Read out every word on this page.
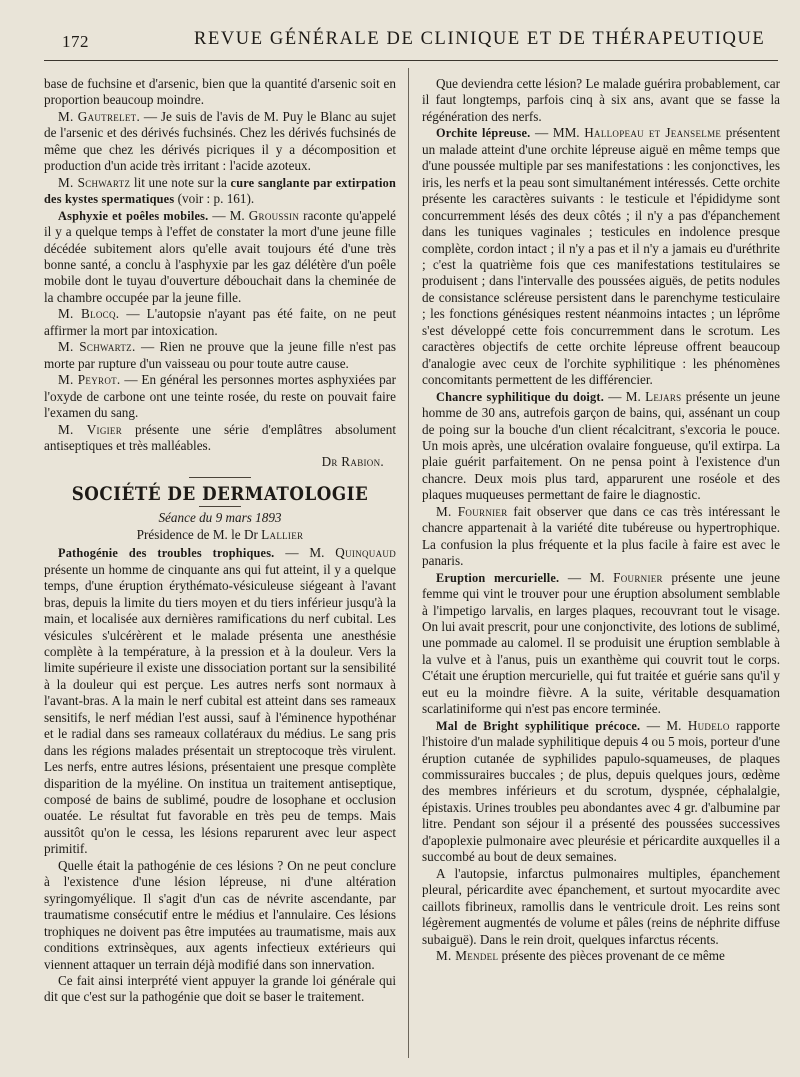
172	REVUE GÉNÉRALE DE CLINIQUE ET DE THÉRAPEUTIQUE

base de fuchsine et d'arsenic, bien que la quantité d'arsenic soit en proportion beaucoup moindre.

M. Gautrelet. — Je suis de l'avis de M. Puy le Blanc au sujet de l'arsenic et des dérivés fuchsinés. Chez les dérivés fuchsinés de même que chez les dérivés picriques il y a décomposition et production d'un acide très irritant : l'acide azoteux.

M. Schwartz lit une note sur la cure sanglante par extirpation des kystes spermatiques (voir : p. 161).

Asphyxie et poêles mobiles. — M. Groussin raconte qu'appelé il y a quelque temps à l'effet de constater la mort d'une jeune fille décédée subitement alors qu'elle avait toujours été d'une très bonne santé, a conclu à l'asphyxie par les gaz délétère d'un poêle mobile dont le tuyau d'ouverture débouchait dans la cheminée de la chambre occupée par la jeune fille.

M. Blocq. — L'autopsie n'ayant pas été faite, on ne peut affirmer la mort par intoxication.

M. Schwartz. — Rien ne prouve que la jeune fille n'est pas morte par rupture d'un vaisseau ou pour toute autre cause.

M. Peyrot. — En général les personnes mortes asphyxiées par l'oxyde de carbone ont une teinte rosée, du reste on pouvait faire l'examen du sang.

M. Vigier présente une série d'emplâtres absolument antiseptiques et très malléables.

Dr Rabion.

SOCIÉTÉ DE DERMATOLOGIE

Séance du 9 mars 1893

Présidence de M. le Dr Lallier

Pathogénie des troubles trophiques. — M. Quinquaud présente un homme de cinquante ans qui fut atteint, il y a quelque temps, d'une éruption érythémato-vésiculeuse siégeant à l'avant bras, depuis la limite du tiers moyen et du tiers inférieur jusqu'à la main, et localisée aux dernières ramifications du nerf cubital. Les vésicules s'ulcérèrent et le malade présenta une anesthésie complète à la température, à la pression et à la douleur. Vers la limite supérieure il existe une dissociation portant sur la sensibilité à la douleur qui est perçue. Les autres nerfs sont normaux à l'avant-bras. A la main le nerf cubital est atteint dans ses rameaux sensitifs, le nerf médian l'est aussi, sauf à l'éminence hypothénar et le radial dans ses rameaux collatéraux du médius. Le sang pris dans les régions malades présentait un streptocoque très virulent. Les nerfs, entre autres lésions, présentaient une presque complète disparition de la myéline. On institua un traitement antiseptique, composé de bains de sublimé, poudre de losophane et occlusion ouatée. Le résultat fut favorable en très peu de temps. Mais aussitôt qu'on le cessa, les lésions reparurent avec leur aspect primitif.

Quelle était la pathogénie de ces lésions ? On ne peut conclure à l'existence d'une lésion lépreuse, ni d'une altération syringomyélique. Il s'agit d'un cas de névrite ascendante, par traumatisme consécutif entre le médius et l'annulaire. Ces lésions trophiques ne doivent pas être imputées au traumatisme, mais aux conditions extrinsèques, aux agents infectieux extérieurs qui viennent attaquer un terrain déjà modifié dans son innervation.

Ce fait ainsi interprété vient appuyer la grande loi générale qui dit que c'est sur la pathogénie que doit se baser le traitement.

Que deviendra cette lésion? Le malade guérira probablement, car il faut longtemps, parfois cinq à six ans, avant que se fasse la régénération des nerfs.

Orchite lépreuse. — MM. Hallopeau et Jeanselme présentent un malade atteint d'une orchite lépreuse aiguë en même temps que d'une poussée multiple par ses manifestations : les conjonctives, les iris, les nerfs et la peau sont simultanément intéressés. Cette orchite présente les caractères suivants : le testicule et l'épididyme sont concurremment lésés des deux côtés ; il n'y a pas d'épanchement dans les tuniques vaginales ; testicules en indolence presque complète, cordon intact ; il n'y a pas et il n'y a jamais eu d'uréthrite ; c'est la quatrième fois que ces manifestations testitulaires se produisent ; dans l'intervalle des poussées aiguës, de petits nodules de consistance scléreuse persistent dans le parenchyme testiculaire ; les fonctions génésiques restent néanmoins intactes ; un léprôme s'est développé cette fois concurremment dans le scrotum. Les caractères objectifs de cette orchite lépreuse offrent beaucoup d'analogie avec ceux de l'orchite syphilitique : les phénomènes concomitants permettent de les différencier.

Chancre syphilitique du doigt. — M. Lejars présente un jeune homme de 30 ans, autrefois garçon de bains, qui, assénant un coup de poing sur la bouche d'un client récalcitrant, s'excoria le pouce. Un mois après, une ulcération ovalaire fongueuse, qu'il extirpa. La plaie guérit parfaitement. On ne pensa point à l'existence d'un chancre. Deux mois plus tard, apparurent une roséole et des plaques muqueuses permettant de faire le diagnostic.

M. Fournier fait observer que dans ce cas très intéressant le chancre appartenait à la variété dite tubéreuse ou hypertrophique. La confusion la plus fréquente et la plus facile à faire est avec le panaris.

Eruption mercurielle. — M. Fournier présente une jeune femme qui vint le trouver pour une éruption absolument semblable à l'impetigo larvalis, en larges plaques, recouvrant tout le visage. On lui avait prescrit, pour une conjonctivite, des lotions de sublimé, une pommade au calomel. Il se produisit une éruption semblable à la vulve et à l'anus, puis un exanthème qui couvrit tout le corps. C'était une éruption mercurielle, qui fut traitée et guérie sans qu'il y eut eu la moindre fièvre. A la suite, véritable desquamation scarlatiniforme qui n'est pas encore terminée.

Mal de Bright syphilitique précoce. — M. Hudelo rapporte l'histoire d'un malade syphilitique depuis 4 ou 5 mois, porteur d'une éruption cutanée de syphilides papulo-squameuses, de plaques commissuraires buccales ; de plus, depuis quelques jours, œdème des membres inférieurs et du scrotum, dyspnée, céphalalgie, épistaxis. Urines troubles peu abondantes avec 4 gr. d'albumine par litre. Pendant son séjour il a présenté des poussées successives d'apoplexie pulmonaire avec pleurésie et péricardite auxquelles il a succombé au bout de deux semaines.

A l'autopsie, infarctus pulmonaires multiples, épanchement pleural, péricardite avec épanchement, et surtout myocardite avec caillots fibrineux, ramollis dans le ventricule droit. Les reins sont légèrement augmentés de volume et pâles (reins de néphrite diffuse subaiguë). Dans le rein droit, quelques infarctus récents.

M. Mendel présente des pièces provenant de ce même
